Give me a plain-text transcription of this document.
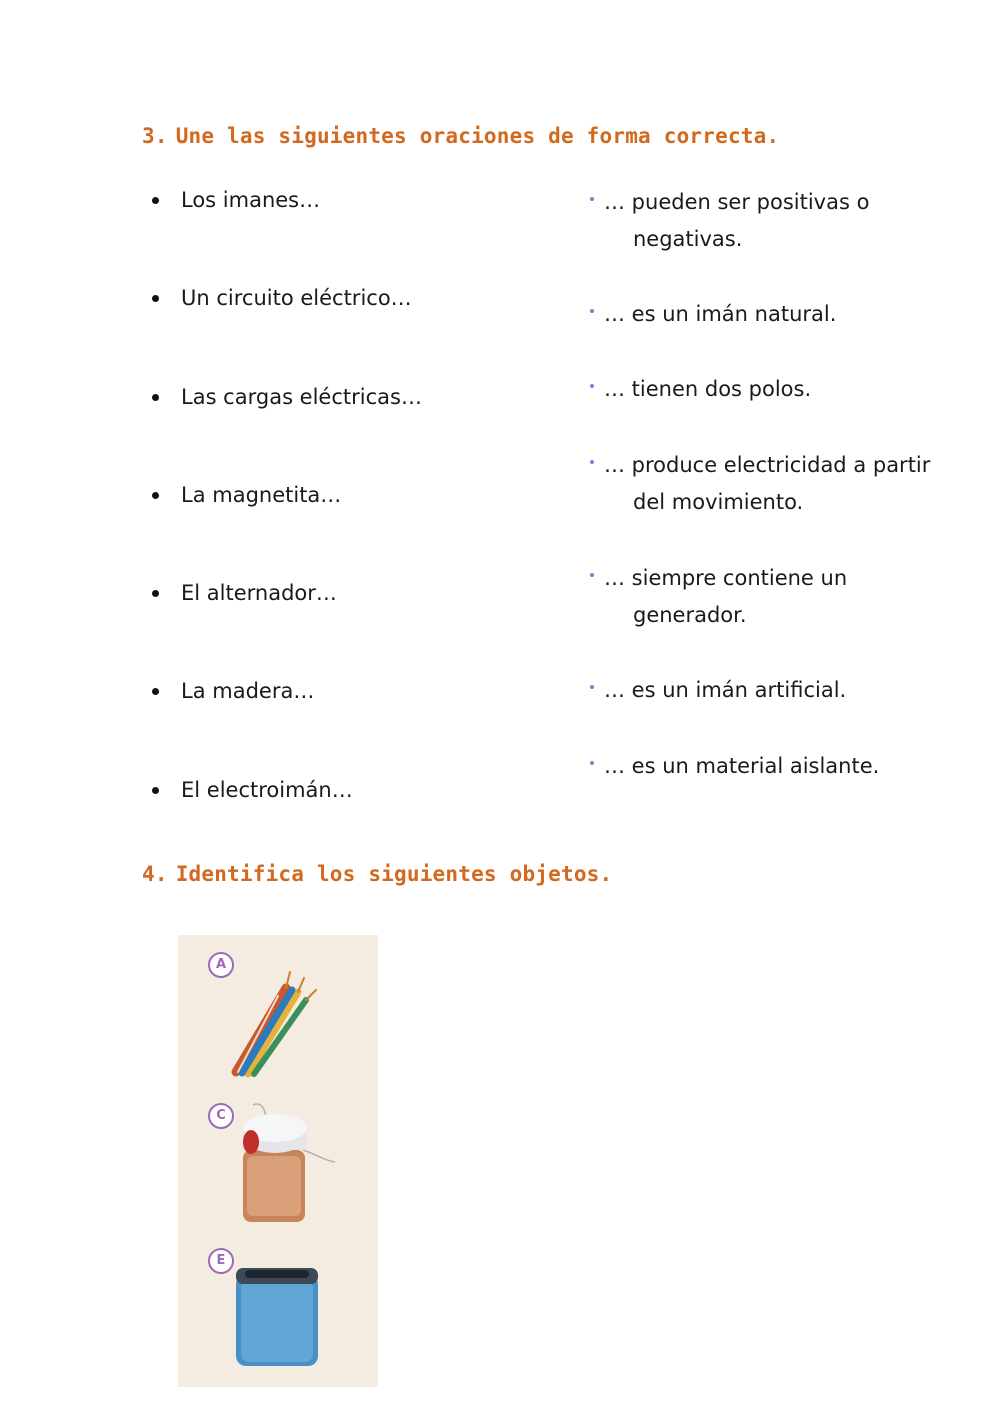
3. Une las siguientes oraciones de forma correcta.
Los imanes…
Un circuito eléctrico…
Las cargas eléctricas…
La magnetita…
El alternador…
La madera…
El electroimán…
… pueden ser positivas o
negativas.
… es un imán natural.
… tienen dos polos.
… produce electricidad a partir
del movimiento.
… siempre contiene un
generador.
… es un imán artificial.
… es un material aislante.
4. Identifica los siguientes objetos.
A
C
E
